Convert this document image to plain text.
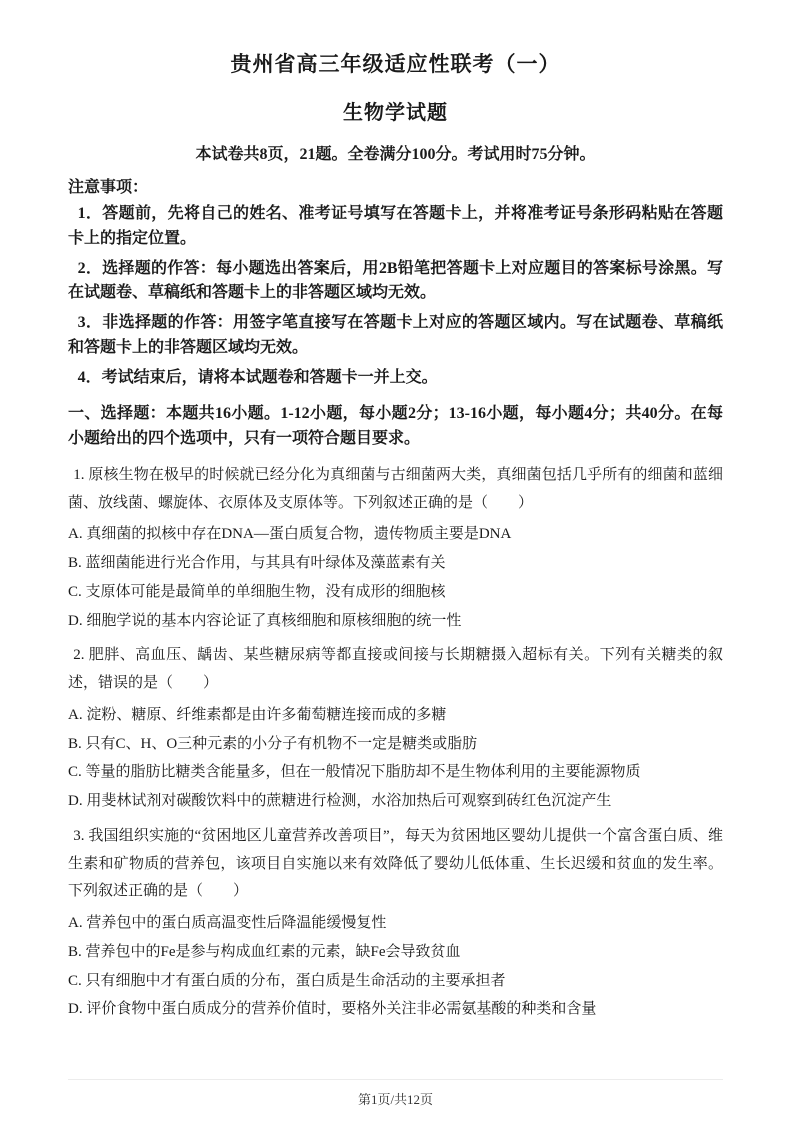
贵州省高三年级适应性联考（一）
生物学试题

本试卷共8页，21题。全卷满分100分。考试用时75分钟。

注意事项：

1．答题前，先将自己的姓名、准考证号填写在答题卡上，并将准考证号条形码粘贴在答题卡上的指定位置。

2．选择题的作答：每小题选出答案后，用2B铅笔把答题卡上对应题目的答案标号涂黑。写在试题卷、草稿纸和答题卡上的非答题区域均无效。

3．非选择题的作答：用签字笔直接写在答题卡上对应的答题区域内。写在试题卷、草稿纸和答题卡上的非答题区域均无效。

4．考试结束后，请将本试题卷和答题卡一并上交。

一、选择题：本题共16小题。1-12小题，每小题2分；13-16小题，每小题4分；共40分。在每小题给出的四个选项中，只有一项符合题目要求。

1. 原核生物在极早的时候就已经分化为真细菌与古细菌两大类，真细菌包括几乎所有的细菌和蓝细菌、放线菌、螺旋体、衣原体及支原体等。下列叙述正确的是（　　）

A. 真细菌的拟核中存在DNA—蛋白质复合物，遗传物质主要是DNA

B. 蓝细菌能进行光合作用，与其具有叶绿体及藻蓝素有关

C. 支原体可能是最简单的单细胞生物，没有成形的细胞核

D. 细胞学说的基本内容论证了真核细胞和原核细胞的统一性

2. 肥胖、高血压、龋齿、某些糖尿病等都直接或间接与长期糖摄入超标有关。下列有关糖类的叙述，错误的是（　　）

A. 淀粉、糖原、纤维素都是由许多葡萄糖连接而成的多糖

B. 只有C、H、O三种元素的小分子有机物不一定是糖类或脂肪

C. 等量的脂肪比糖类含能量多，但在一般情况下脂肪却不是生物体利用的主要能源物质

D. 用斐林试剂对碳酸饮料中的蔗糖进行检测，水浴加热后可观察到砖红色沉淀产生

3. 我国组织实施的“贫困地区儿童营养改善项目”，每天为贫困地区婴幼儿提供一个富含蛋白质、维生素和矿物质的营养包，该项目自实施以来有效降低了婴幼儿低体重、生长迟缓和贫血的发生率。下列叙述正确的是（　　）

A. 营养包中的蛋白质高温变性后降温能缓慢复性

B. 营养包中的Fe是参与构成血红素的元素，缺Fe会导致贫血

C. 只有细胞中才有蛋白质的分布，蛋白质是生命活动的主要承担者

D. 评价食物中蛋白质成分的营养价值时，要格外关注非必需氨基酸的种类和含量

第1页/共12页
